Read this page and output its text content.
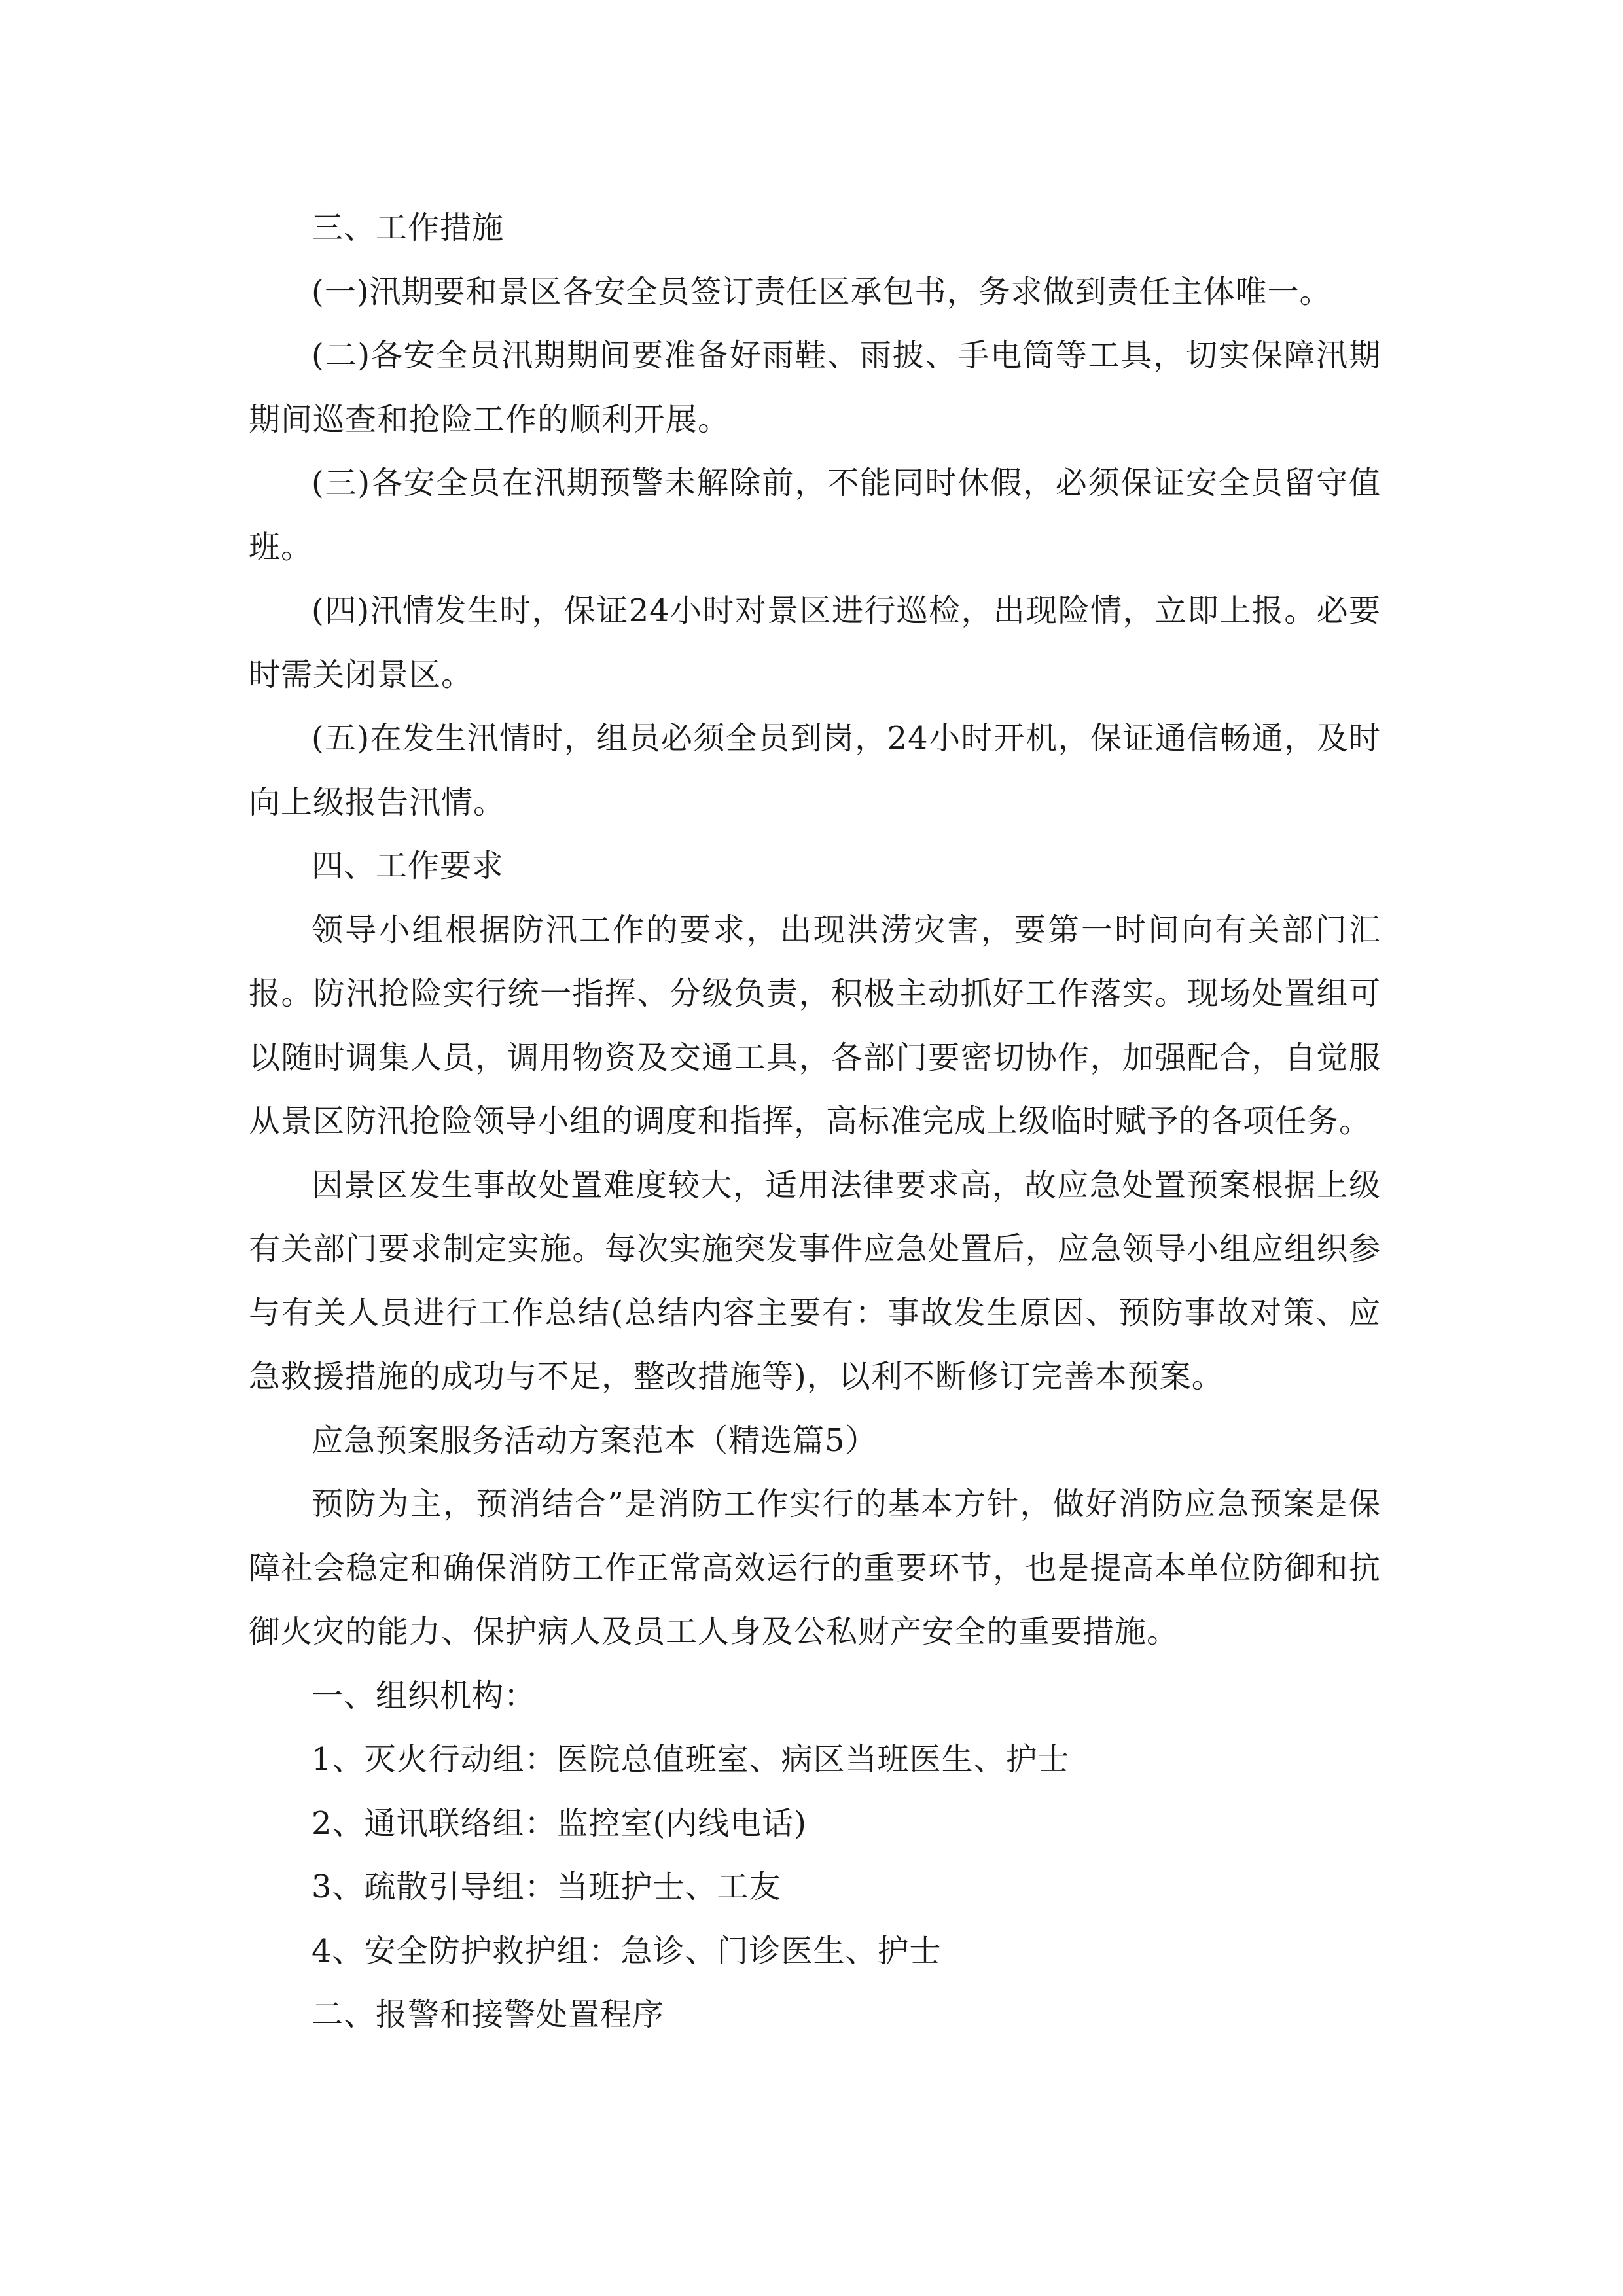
三、工作措施

(一)汛期要和景区各安全员签订责任区承包书，务求做到责任主体唯一。

(二)各安全员汛期期间要准备好雨鞋、雨披、手电筒等工具，切实保障汛期期间巡查和抢险工作的顺利开展。

(三)各安全员在汛期预警未解除前，不能同时休假，必须保证安全员留守值班。

(四)汛情发生时，保证24小时对景区进行巡检，出现险情，立即上报。必要时需关闭景区。

(五)在发生汛情时，组员必须全员到岗，24小时开机，保证通信畅通，及时向上级报告汛情。

四、工作要求

领导小组根据防汛工作的要求，出现洪涝灾害，要第一时间向有关部门汇报。防汛抢险实行统一指挥、分级负责，积极主动抓好工作落实。现场处置组可以随时调集人员，调用物资及交通工具，各部门要密切协作，加强配合，自觉服从景区防汛抢险领导小组的调度和指挥，高标准完成上级临时赋予的各项任务。

因景区发生事故处置难度较大，适用法律要求高，故应急处置预案根据上级有关部门要求制定实施。每次实施突发事件应急处置后，应急领导小组应组织参与有关人员进行工作总结(总结内容主要有：事故发生原因、预防事故对策、应急救援措施的成功与不足，整改措施等)，以利不断修订完善本预案。

应急预案服务活动方案范本（精选篇5）

预防为主，预消结合”是消防工作实行的基本方针，做好消防应急预案是保障社会稳定和确保消防工作正常高效运行的重要环节，也是提高本单位防御和抗御火灾的能力、保护病人及员工人身及公私财产安全的重要措施。

一、组织机构：

1、灭火行动组：医院总值班室、病区当班医生、护士

2、通讯联络组：监控室(内线电话)

3、疏散引导组：当班护士、工友

4、安全防护救护组：急诊、门诊医生、护士

二、报警和接警处置程序
